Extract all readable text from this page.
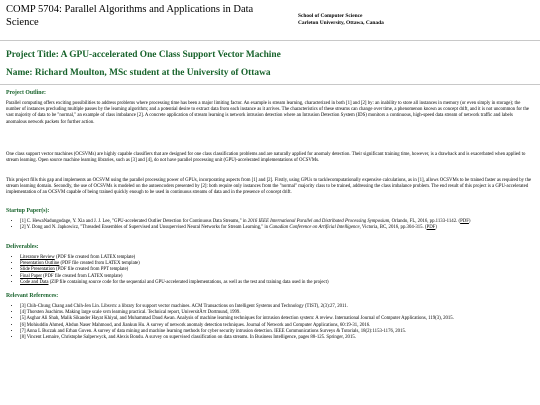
COMP 5704: Parallel Algorithms and Applications in Data Science
School of Computer Science
Carleton University, Ottawa, Canada
Project Title: A GPU-accelerated One Class Support Vector Machine
Name: Richard Moulton, MSc student at the University of Ottawa
Project Outline:
Parallel computing offers exciting possibilities to address problems where processing time has been a major limiting factor. An example is stream learning, characterized in both [1] and [2] by: an inability to store all instances in memory (or even simply in storage); the number of instances precluding multiple passes by the learning algorithm; and a potential desire to extract data from each instance as it arrives. The characteristics of these streams can change over time, a phenomenon known as concept drift, and it is not uncommon for the vast majority of data to be "normal," an example of class imbalance [2]. A concrete application of stream learning is network intrusion detection where an Intrusion Detection System (IDS) monitors a continuous, high-speed data stream of network traffic and labels anomalous network packets for further action.
One class support vector machines (OCSVMs) are highly capable classifiers that are designed for one class classification problems and are naturally applied for anomaly detection. Their significant training time, however, is a drawback and is exacerbated when applied to stream learning. Open source machine learning libraries, such as [3] and [4], do not have parallel processing unit (GPU)-accelerated implementations of OCSVMs.
This project fills this gap and implements an OCSVM using the parallel processing power of GPUs, incorporating aspects from [1] and [2]. Firstly, using GPUs to tacklecomputationally expensive calculations, as in [1], allows OCSVMs to be trained faster as required by the stream learning domain. Secondly, the use of OCSVMs is modeled on the autoencoders presented by [2]: both require only instances from the "normal" majority class to be trained, addressing the class imbalance problem. The end result of this project is a GPU-accelerated implementation of an OCSVM capable of being trained quickly enough to be used in continuous streams of data and in the presence of concept drift.
Startup Paper(s):
• [1] C. HewaNadungodage, Y. Xia and J. J. Lee, "GPU-accelerated Outlier Detection for Continuous Data Streams," in 2016 IEEE International Parallel and Distributed Processing Symposium, Orlando, FL, 2016, pp.1133-1142. (PDF)
• [2] Y. Dong and N. Japkowicz, "Threaded Ensembles of Supervised and Unsupervised Neural Networks for Stream Learning," in Canadian Conference on Artificial Intelligence, Victoria, BC, 2016, pp.304-315. (PDF)
Deliverables:
• Literature Review (PDF file created from LATEX template)
• Presentation Outline (PDF file created from LATEX template)
• Slide Presentation (PDF file created from PPT template)
• Final Paper (PDF file created from LATEX template)
• Code and Data (ZIP file containing source code for the sequential and GPU-accelerated implementations, as well as the test and training data used in the project)
Relevant References:
• [3] Chih-Chung Chang and Chih-Jen Lin. Libsvm: a library for support vector machines. ACM Transactions on Intelligent Systems and Technology (TIST), 2(3):27, 2011.
• [4] Thorsten Joachims. Making large scale svm learning practical. Technical report, UniversitÃ¤t Dortmund, 1999.
• [5] Asghar Ali Shah, Malik Sikander Hayat Khiyal, and Muhammad Daud Awan. Analysis of machine learning techniques for intrusion detection system: A review. International Journal of Computer Applications, 119(3), 2015.
• [6] Mohiuddin Ahmed, Abdun Naser Mahmood, and Jiankun Hu. A survey of network anomaly detection techniques. Journal of Network and Computer Applications, 60:19-31, 2016.
• [7] Anna L Buczak and Erhan Guven. A survey of data mining and machine learning methods for cyber security intrusion detection. IEEE Communications Surveys & Tutorials, 18(2):1153-1176, 2015.
• [8] Vincent Lemaire, Christophe Salperwyck, and Alexis Bondu. A survey on supervised classification on data streams. In Business Intelligence, pages 88-125. Springer, 2015.
